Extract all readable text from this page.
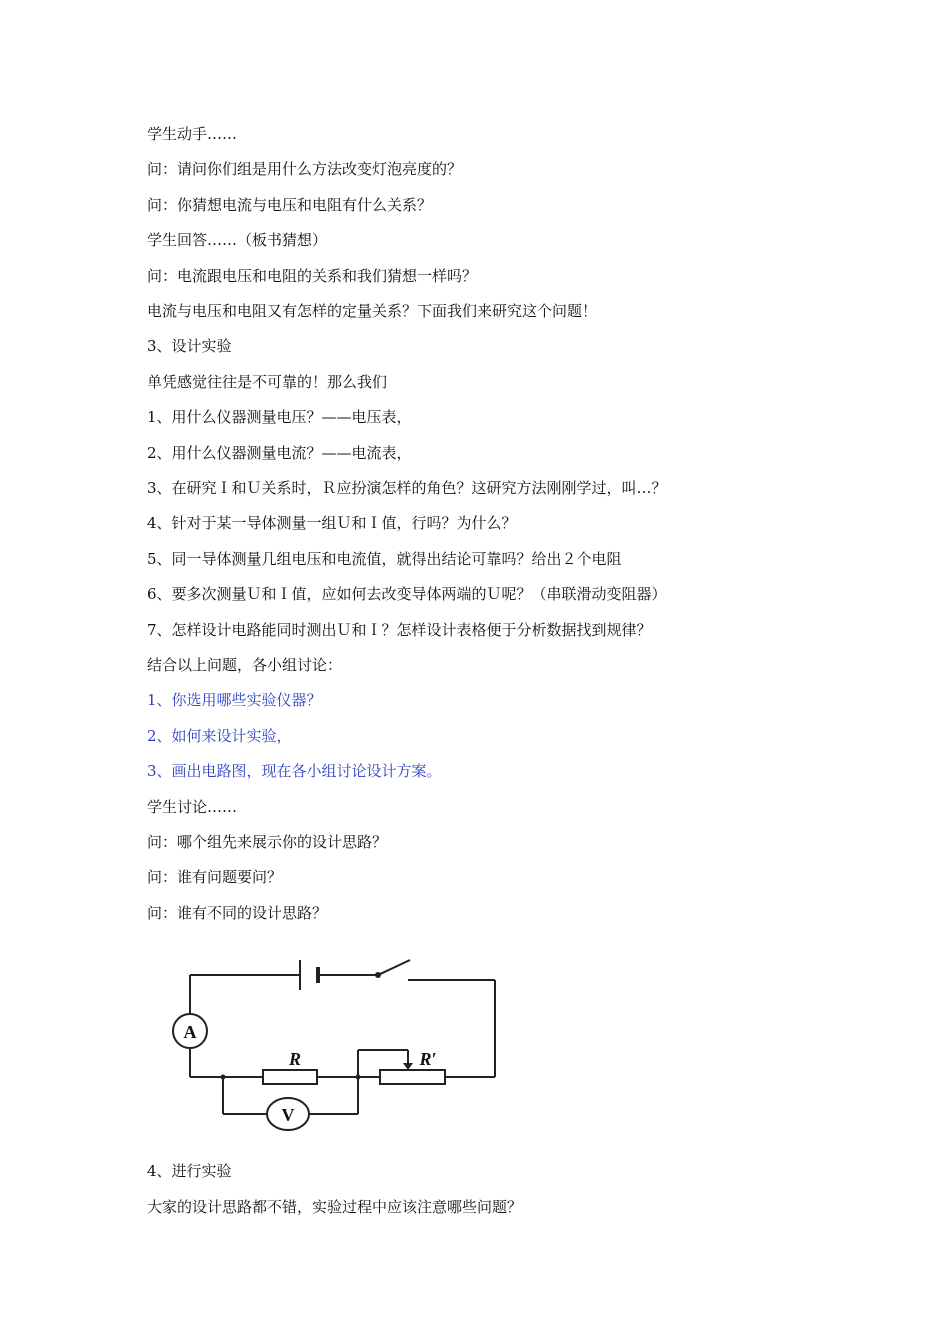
学生动手……
问：请问你们组是用什么方法改变灯泡亮度的？
问：你猜想电流与电压和电阻有什么关系？
学生回答……（板书猜想）
问：电流跟电压和电阻的关系和我们猜想一样吗？
电流与电压和电阻又有怎样的定量关系？下面我们来研究这个问题！
3、设计实验
单凭感觉往往是不可靠的！那么我们
1、用什么仪器测量电压？——电压表，
2、用什么仪器测量电流？——电流表，
3、在研究Ｉ和Ｕ关系时，Ｒ应扮演怎样的角色？这研究方法刚刚学过，叫…？
4、针对于某一导体测量一组Ｕ和Ｉ值，行吗？为什么？
5、同一导体测量几组电压和电流值，就得出结论可靠吗？给出２个电阻
6、要多次测量Ｕ和Ｉ值，应如何去改变导体两端的Ｕ呢？（串联滑动变阻器）
7、怎样设计电路能同时测出Ｕ和Ｉ？怎样设计表格便于分析数据找到规律？
结合以上问题，各小组讨论：
1、你选用哪些实验仪器？
2、如何来设计实验，
3、画出电路图，现在各小组讨论设计方案。
学生讨论……
问：哪个组先来展示你的设计思路？
问：谁有问题要问？
问：谁有不同的设计思路？
A
V
R	R′
4、进行实验
大家的设计思路都不错，实验过程中应该注意哪些问题？
